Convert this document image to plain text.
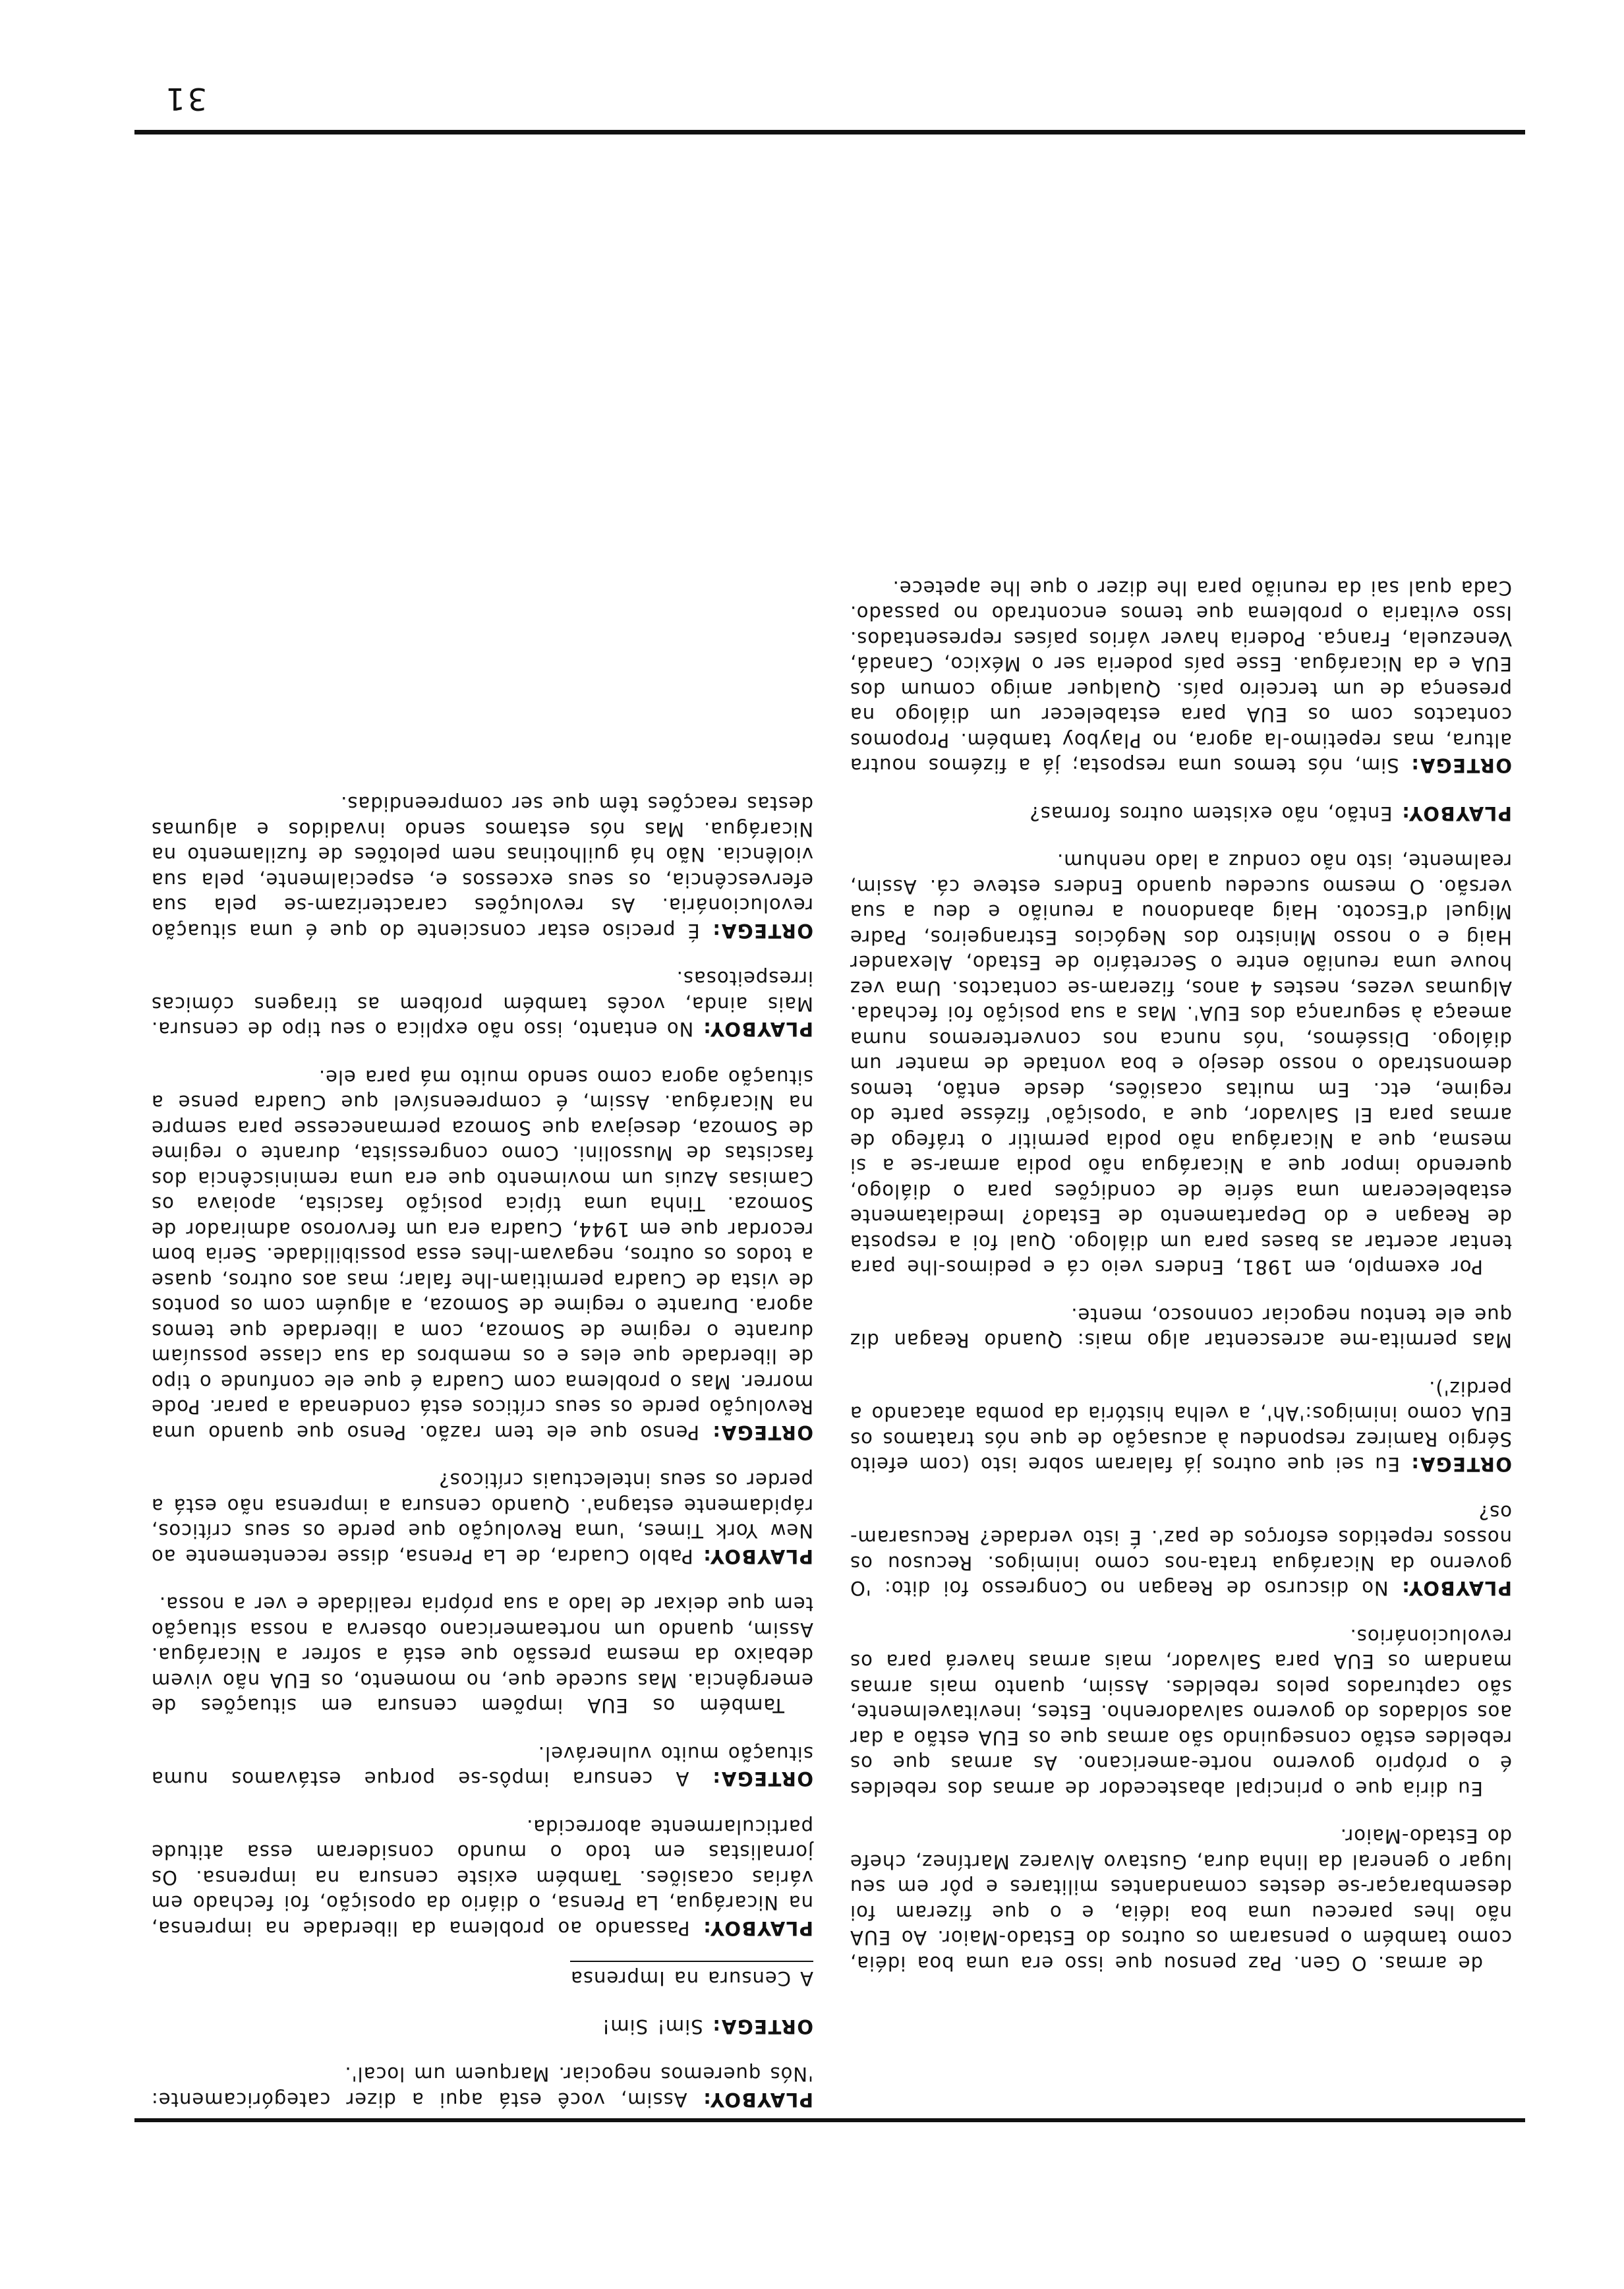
31

de armas. O Gen. Paz pensou que isso era uma boa idéia, como também o pensaram os outros do Estado-Maior. Ao EUA não lhes pareceu uma boa idéia, e o que fizeram foi desembaraçar-se destes comandantes militares e pôr em seu lugar o general da linha dura, Gustavo Alvarez Martínez, chefe do Estado-Maior.

Eu diria que o principal abastecedor de armas dos rebeldes é o próprio governo norte-americano. As armas que os rebeldes estão conseguindo são armas que os EUA estão a dar aos soldados do governo salvadorenho. Estes, inevitavelmente, são capturados pelos rebeldes. Assim, quanto mais armas mandam os EUA para Salvador, mais armas haverá para os revolucionários.

PLAYBOY: No discurso de Reagan no Congresso foi dito: 'O governo da Nicarágua trata-nos como inimigos. Recusou os nossos repetidos esforços de paz'. É isto verdade? Recusaram-os?

ORTEGA: Eu sei que outros já falaram sobre isto (com efeito Sérgio Ramirez respondeu à acusação de que nós tratamos os EUA como inimigos:'Ah', a velha história da pomba atacando a perdiz').

Mas permita-me acrescentar algo mais: Quando Reagan diz que ele tentou negociar connosco, mente.

Por exemplo, em 1981, Enders veio cá e pedimos-lhe para tentar acertar as bases para um diálogo. Qual foi a resposta de Reagan e do Departamento de Estado? Imediatamente estabeleceram uma série de condições para o diálogo, querendo impor que a Nicarágua não podia armar-se a si mesma, que a Nicarágua não podia permitir o tráfego de armas para El Salvador, que a 'oposição' fizésse parte do regime, etc. Em muitas ocasiões, desde então, temos demonstrado o nosso desejo e boa vontade de manter um diálogo. Dissémos, 'nós nunca nos converteremos numa ameaça à segurança dos EUA'. Mas a sua posição foi fechada. Algumas vezes, nestes 4 anos, fizeram-se contactos. Uma vez houve uma reunião entre o Secretário de Estado, Alexander Haig e o nosso Ministro dos Negócios Estrangeiros, Padre Miguel d'Escoto. Haig abandonou a reunião e deu a sua versão. O mesmo sucedeu quando Enders esteve cá. Assim, realmente, isto não conduz a lado nenhum.

PLAYBOY: Então, não existem outros formas?

ORTEGA: Sim, nós temos uma resposta; já a fizémos noutra altura, mas repetimo-la agora, no Playboy também. Propomos contactos com os EUA para estabelecer um diálogo na presença de um terceiro país. Qualquer amigo comum dos EUA e da Nicarágua. Esse país poderia ser o México, Canadá, Venezuela, França. Poderia haver vários países representados. Isso evitaria o problema que temos encontrado no passado. Cada qual sai da reunião para lhe dizer o que lhe apetece.

PLAYBOY: Assim, você está aqui a dizer categóricamente: 'Nós queremos negociar. Marquem um local'.

ORTEGA: Sim! Sim!

A Censura na Imprensa

PLAYBOY: Passando ao problema da liberdade na imprensa, na Nicarágua, La Prensa, o diário da oposição, foi fechado em várias ocasiões. Também existe censura na imprensa. Os jornalistas em todo o mundo consideram essa atitude particularmente aborrecida.

ORTEGA: A censura impôs-se porque estávamos numa situação muito vulnerável.

Também os EUA impõem censura em situações de emergência. Mas sucede que, no momento, os EUA não vivem debaixo da mesma pressão que está a sofrer a Nicarágua. Assim, quando um norteamericano observa a nossa situação tem que deixar de lado a sua própria realidade e ver a nossa.

PLAYBOY: Pablo Cuadra, de La Prensa, disse recentemente ao New York Times, 'uma Revolução que perde os seus críticos, rápidamente estagna'. Quando censura a imprensa não está a perder os seus intelectuais críticos?

ORTEGA: Penso que ele tem razão. Penso que quando uma Revolução perde os seus críticos está condenada a parar. Pode morrer. Mas o problema com Cuadra é que ele confunde o tipo de liberdade que eles e os membros da sua classe possuíam durante o regime de Somoza, com a liberdade que temos agora. Durante o regime de Somoza, a alguém com os pontos de vista de Cuadra permitiam-lhe falar; mas aos outros, quase a todos os outros, negavam-lhes essa possibilidade. Seria bom recordar que em 1944, Cuadra era um fervoroso admirador de Somoza. Tinha uma típica posição fascista, apoiava os Camisas Azuis um movimento que era uma reminiscência dos fascistas de Mussolini. Como congressista, durante o regime de Somoza, desejava que Somoza permanecesse para sempre na Nicarágua. Assim, é compreensível que Cuadra pense a situação agora como sendo muito má para ele.

PLAYBOY: No entanto, isso não explica o seu tipo de censura. Mais ainda, vocês também proíbem as tiragens cómicas irrespeitosas.

ORTEGA: É preciso estar consciente do que é uma situação revolucionária. As revoluções caracterizam-se pela sua efervescência, os seus excessos e, especialmente, pela sua violência. Não há guilhotinas nem pelotões de fuzilamento na Nicarágua. Mas nós estamos sendo invadidos e algumas destas reacções têm que ser compreendidas.
